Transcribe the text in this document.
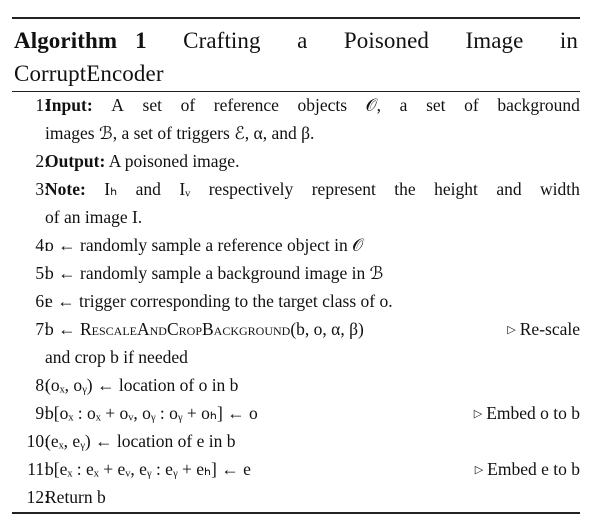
Algorithm 1 Crafting a Poisoned Image in
CorruptEncoder
1:
Input: A set of reference objects 𝒪, a set of background
images ℬ, a set of triggers ℰ, α, and β.
2:
Output: A poisoned image.
3:
Note: Iₕ and Iᵥ respectively represent the height and width
of an image I.
4:
o ← randomly sample a reference object in 𝒪
5:
b ← randomly sample a background image in ℬ
6:
e ← trigger corresponding to the target class of o.
7:
b ← RescaleAndCropBackground(b, o, α, β)	▷ Re-scale
and crop b if needed
8:
(oₓ, oᵧ) ← location of o in b
9:
b[oₓ : oₓ + oᵥ, oᵧ : oᵧ + oₕ] ← o	▷ Embed o to b
10:
(eₓ, eᵧ) ← location of e in b
11:
b[eₓ : eₓ + eᵥ, eᵧ : eᵧ + eₕ] ← e	▷ Embed e to b
12:
Return b
